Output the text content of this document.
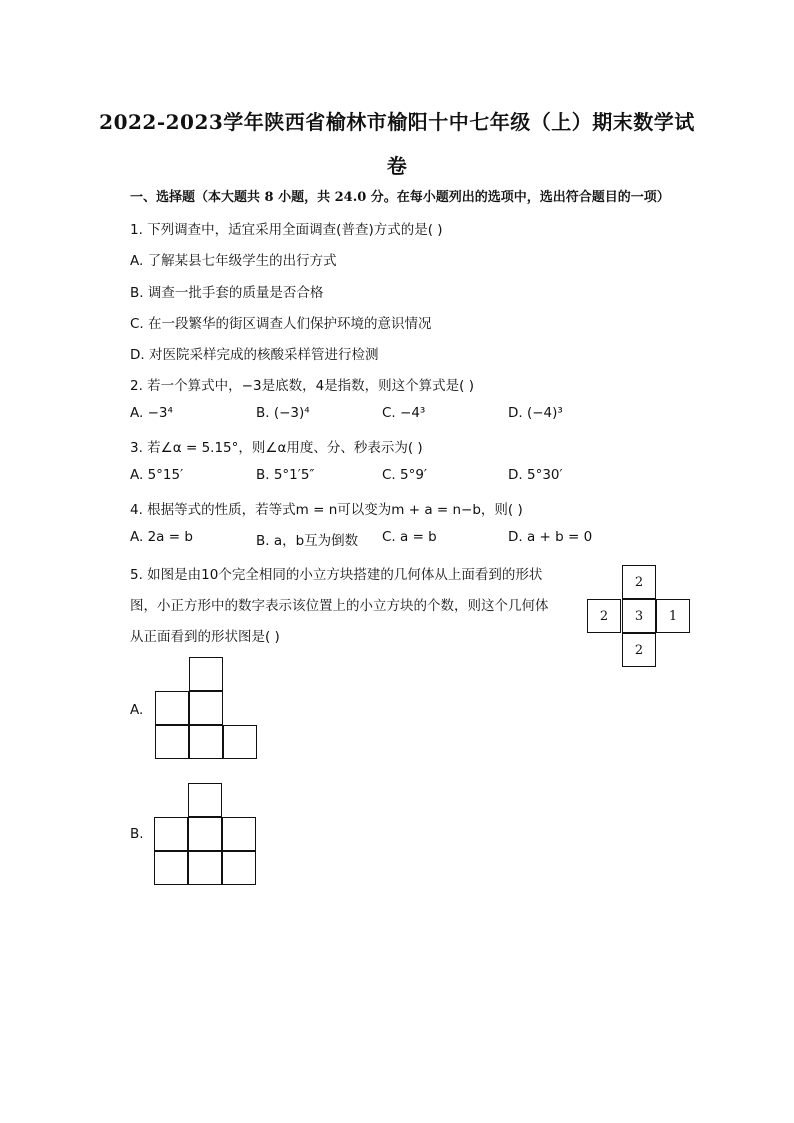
2022-2023学年陕西省榆林市榆阳十中七年级（上）期末数学试
卷
一、选择题（本大题共 8 小题，共 24.0 分。在每小题列出的选项中，选出符合题目的一项）
1. 下列调查中，适宜采用全面调查(普查)方式的是( )
A. 了解某县七年级学生的出行方式
B. 调查一批手套的质量是否合格
C. 在一段繁华的街区调查人们保护环境的意识情况
D. 对医院采样完成的核酸采样管进行检测
2. 若一个算式中，−3是底数，4是指数，则这个算式是( )
A. −3⁴	B. (−3)⁴	C. −4³	D. (−4)³
3. 若∠α = 5.15°，则∠α用度、分、秒表示为( )
A. 5°15′	B. 5°1′5″	C. 5°9′	D. 5°30′
4. 根据等式的性质，若等式m = n可以变为m + a = n−b，则( )
A. 2a = b	B. a，b互为倒数 C. a = b	D. a + b = 0
5. 如图是由10个完全相同的小立方块搭建的几何体从上面看到的形状
图，小正方形中的数字表示该位置上的小立方块的个数，则这个几何体
从正面看到的形状图是( )
2
2	3	1
2
A.
B.
